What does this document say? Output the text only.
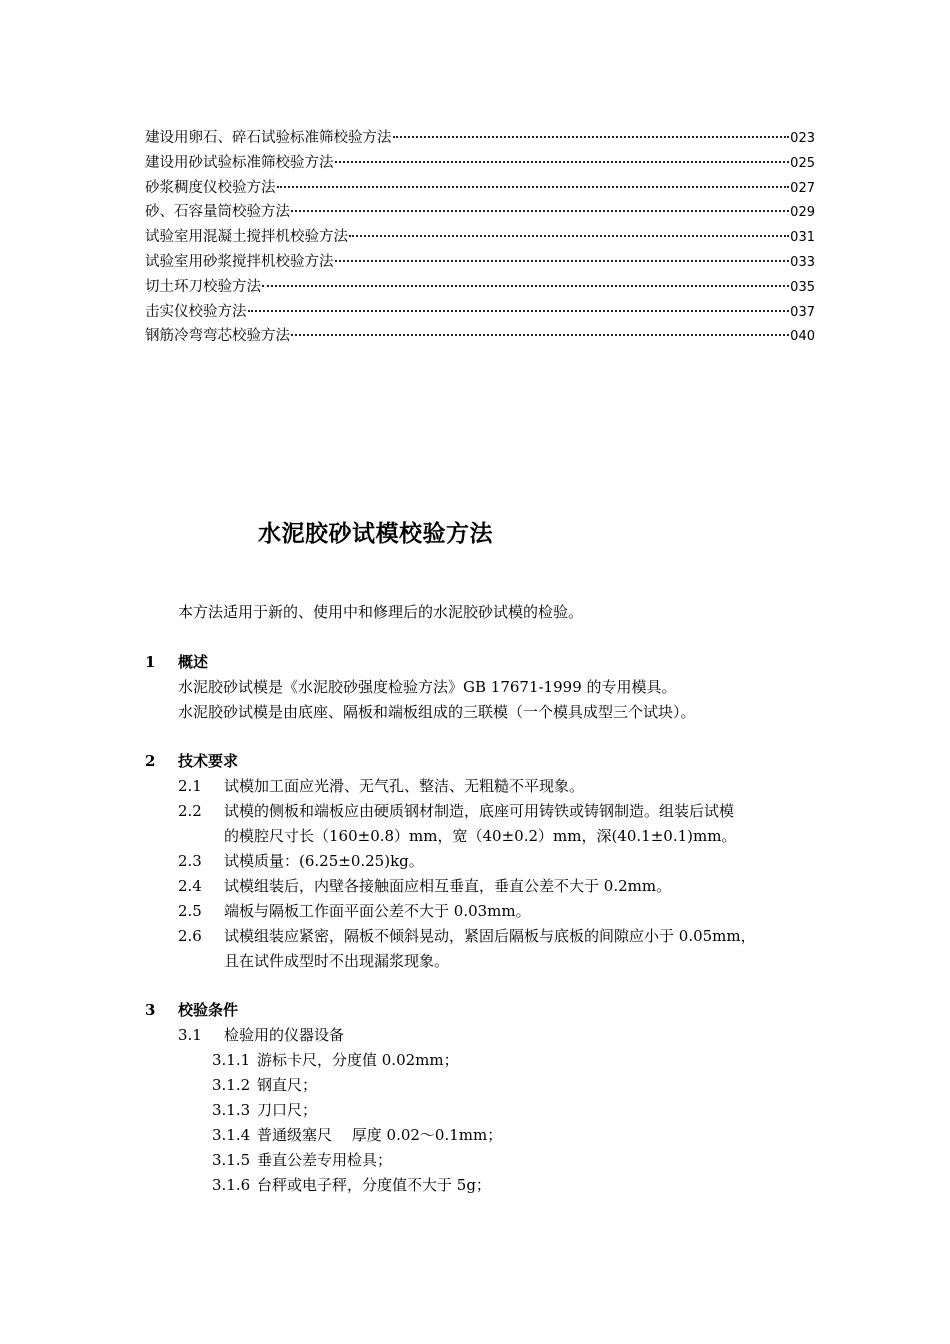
建设用卵石、碎石试验标准筛校验方法	023
建设用砂试验标准筛校验方法	025
砂浆稠度仪校验方法	027
砂、石容量筒校验方法	029
试验室用混凝土搅拌机校验方法	031
试验室用砂浆搅拌机校验方法	033
切土环刀校验方法	035
击实仪校验方法	037
钢筋冷弯弯芯校验方法	040
水泥胶砂试模校验方法
本方法适用于新的、使用中和修理后的水泥胶砂试模的检验。
1 概述
水泥胶砂试模是《水泥胶砂强度检验方法》GB 17671-1999 的专用模具。
水泥胶砂试模是由底座、隔板和端板组成的三联模（一个模具成型三个试块）。
2 技术要求
2.1 试模加工面应光滑、无气孔、整洁、无粗糙不平现象。
2.2 试模的侧板和端板应由硬质钢材制造，底座可用铸铁或铸钢制造。组装后试模
的模腔尺寸长（160±0.8）mm，宽（40±0.2）mm，深(40.1±0.1)mm。
2.3 试模质量：(6.25±0.25)kg。
2.4 试模组装后，内壁各接触面应相互垂直，垂直公差不大于 0.2mm。
2.5 端板与隔板工作面平面公差不大于 0.03mm。
2.6 试模组装应紧密，隔板不倾斜晃动，紧固后隔板与底板的间隙应小于 0.05mm，
且在试件成型时不出现漏浆现象。
3 校验条件
3.1 检验用的仪器设备
3.1.1 游标卡尺，分度值 0.02mm；
3.1.2 钢直尺；
3.1.3 刀口尺；
3.1.4 普通级塞尺　 厚度 0.02～0.1mm；
3.1.5 垂直公差专用检具；
3.1.6 台秤或电子秤，分度值不大于 5g；
